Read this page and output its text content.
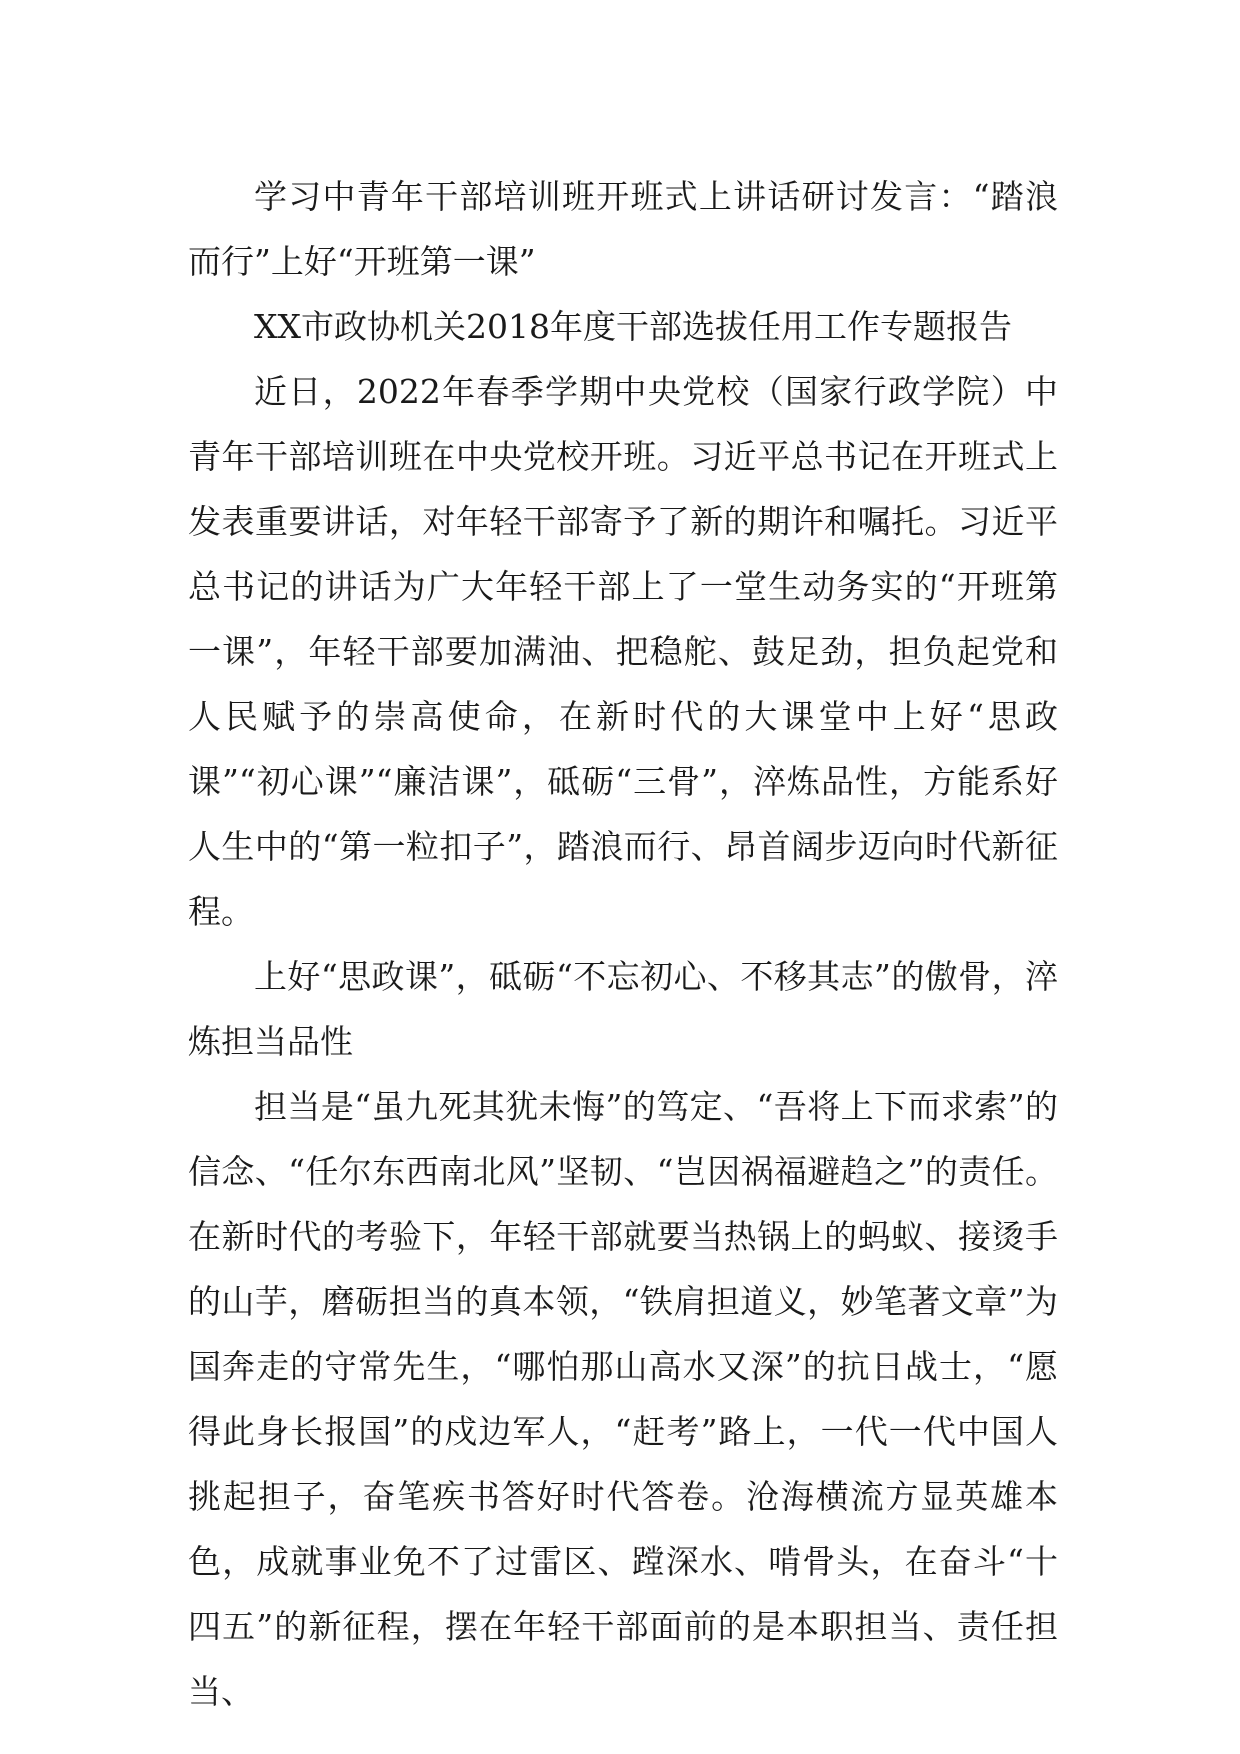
学习中青年干部培训班开班式上讲话研讨发言：“踏浪而行”上好“开班第一课”

XX市政协机关2018年度干部选拔任用工作专题报告

近日，2022年春季学期中央党校（国家行政学院）中青年干部培训班在中央党校开班。习近平总书记在开班式上发表重要讲话，对年轻干部寄予了新的期许和嘱托。习近平总书记的讲话为广大年轻干部上了一堂生动务实的“开班第一课”，年轻干部要加满油、把稳舵、鼓足劲，担负起党和人民赋予的崇高使命，在新时代的大课堂中上好“思政课”“初心课”“廉洁课”，砥砺“三骨”，淬炼品性，方能系好人生中的“第一粒扣子”，踏浪而行、昂首阔步迈向时代新征程。

上好“思政课”，砥砺“不忘初心、不移其志”的傲骨，淬炼担当品性

担当是“虽九死其犹未悔”的笃定、“吾将上下而求索”的信念、“任尔东西南北风”坚韧、“岂因祸福避趋之”的责任。在新时代的考验下，年轻干部就要当热锅上的蚂蚁、接烫手的山芋，磨砺担当的真本领，“铁肩担道义，妙笔著文章”为国奔走的守常先生，“哪怕那山高水又深”的抗日战士，“愿得此身长报国”的戍边军人，“赶考”路上，一代一代中国人挑起担子，奋笔疾书答好时代答卷。沧海横流方显英雄本色，成就事业免不了过雷区、蹚深水、啃骨头，在奋斗“十四五”的新征程，摆在年轻干部面前的是本职担当、责任担当、
